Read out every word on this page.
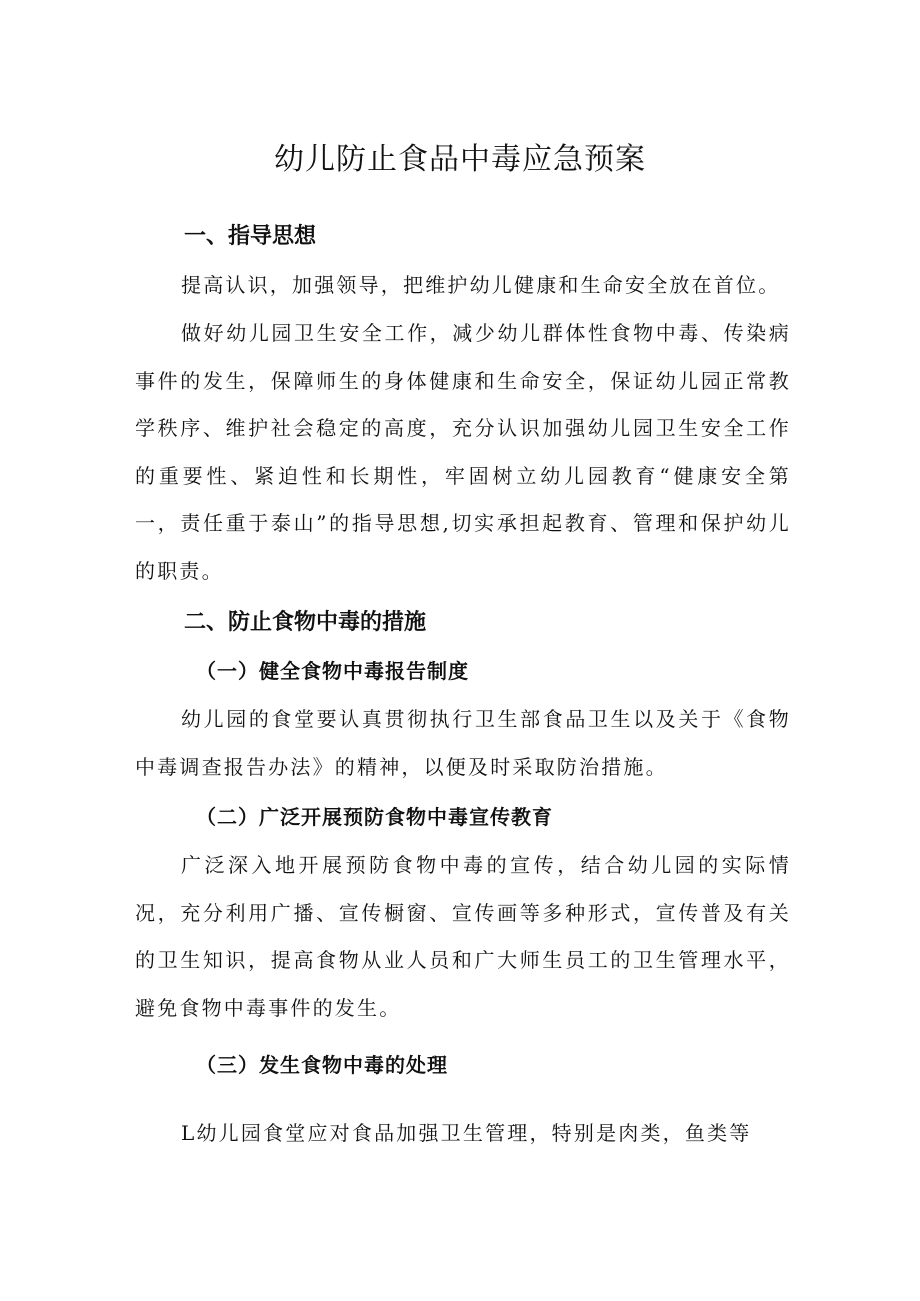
幼儿防止食品中毒应急预案
一、指导思想

提高认识，加强领导，把维护幼儿健康和生命安全放在首位。

做好幼儿园卫生安全工作，减少幼儿群体性食物中毒、传染病事件的发生，保障师生的身体健康和生命安全，保证幼儿园正常教学秩序、维护社会稳定的高度，充分认识加强幼儿园卫生安全工作的重要性、紧迫性和长期性，牢固树立幼儿园教育“健康安全第一，责任重于泰山”的指导思想,切实承担起教育、管理和保护幼儿的职责。

二、防止食物中毒的措施
（一）健全食物中毒报告制度

幼儿园的食堂要认真贯彻执行卫生部食品卫生以及关于《食物中毒调查报告办法》的精神，以便及时采取防治措施。

（二）广泛开展预防食物中毒宣传教育

广泛深入地开展预防食物中毒的宣传，结合幼儿园的实际情况，充分利用广播、宣传橱窗、宣传画等多种形式，宣传普及有关的卫生知识，提高食物从业人员和广大师生员工的卫生管理水平，避免食物中毒事件的发生。

（三）发生食物中毒的处理

L幼儿园食堂应对食品加强卫生管理，特别是肉类，鱼类等
